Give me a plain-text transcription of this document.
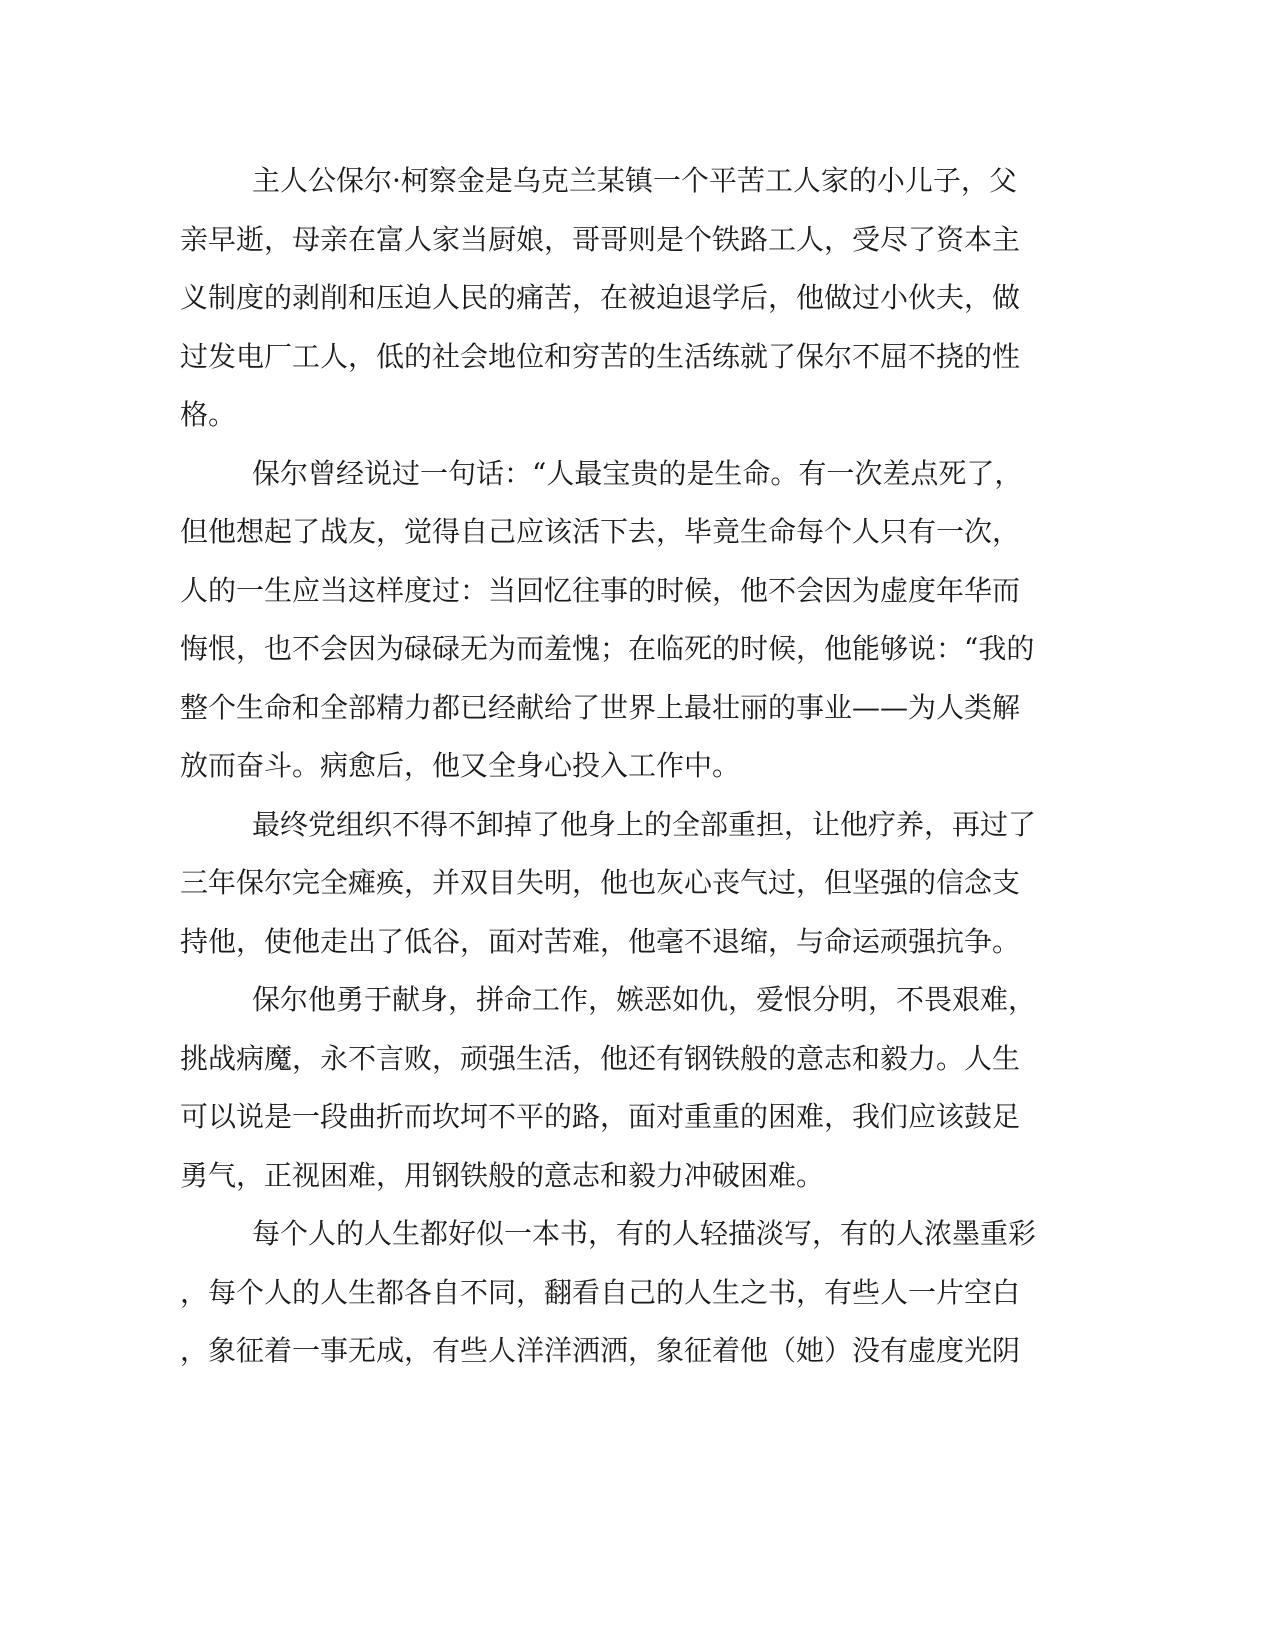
主人公保尔·柯察金是乌克兰某镇一个平苦工人家的小儿子，父
亲早逝，母亲在富人家当厨娘，哥哥则是个铁路工人，受尽了资本主
义制度的剥削和压迫人民的痛苦，在被迫退学后，他做过小伙夫，做
过发电厂工人，低的社会地位和穷苦的生活练就了保尔不屈不挠的性
格。
保尔曾经说过一句话：“人最宝贵的是生命。有一次差点死了，
但他想起了战友，觉得自己应该活下去，毕竟生命每个人只有一次，
人的一生应当这样度过：当回忆往事的时候，他不会因为虚度年华而
悔恨，也不会因为碌碌无为而羞愧；在临死的时候，他能够说：“我的
整个生命和全部精力都已经献给了世界上最壮丽的事业——为人类解
放而奋斗。病愈后，他又全身心投入工作中。
最终党组织不得不卸掉了他身上的全部重担，让他疗养，再过了
三年保尔完全瘫痪，并双目失明，他也灰心丧气过，但坚强的信念支
持他，使他走出了低谷，面对苦难，他毫不退缩，与命运顽强抗争。
保尔他勇于献身，拼命工作，嫉恶如仇，爱恨分明，不畏艰难，
挑战病魔，永不言败，顽强生活，他还有钢铁般的意志和毅力。人生
可以说是一段曲折而坎坷不平的路，面对重重的困难，我们应该鼓足
勇气，正视困难，用钢铁般的意志和毅力冲破困难。
每个人的人生都好似一本书，有的人轻描淡写，有的人浓墨重彩
，每个人的人生都各自不同，翻看自己的人生之书，有些人一片空白
，象征着一事无成，有些人洋洋洒洒，象征着他（她）没有虚度光阴
